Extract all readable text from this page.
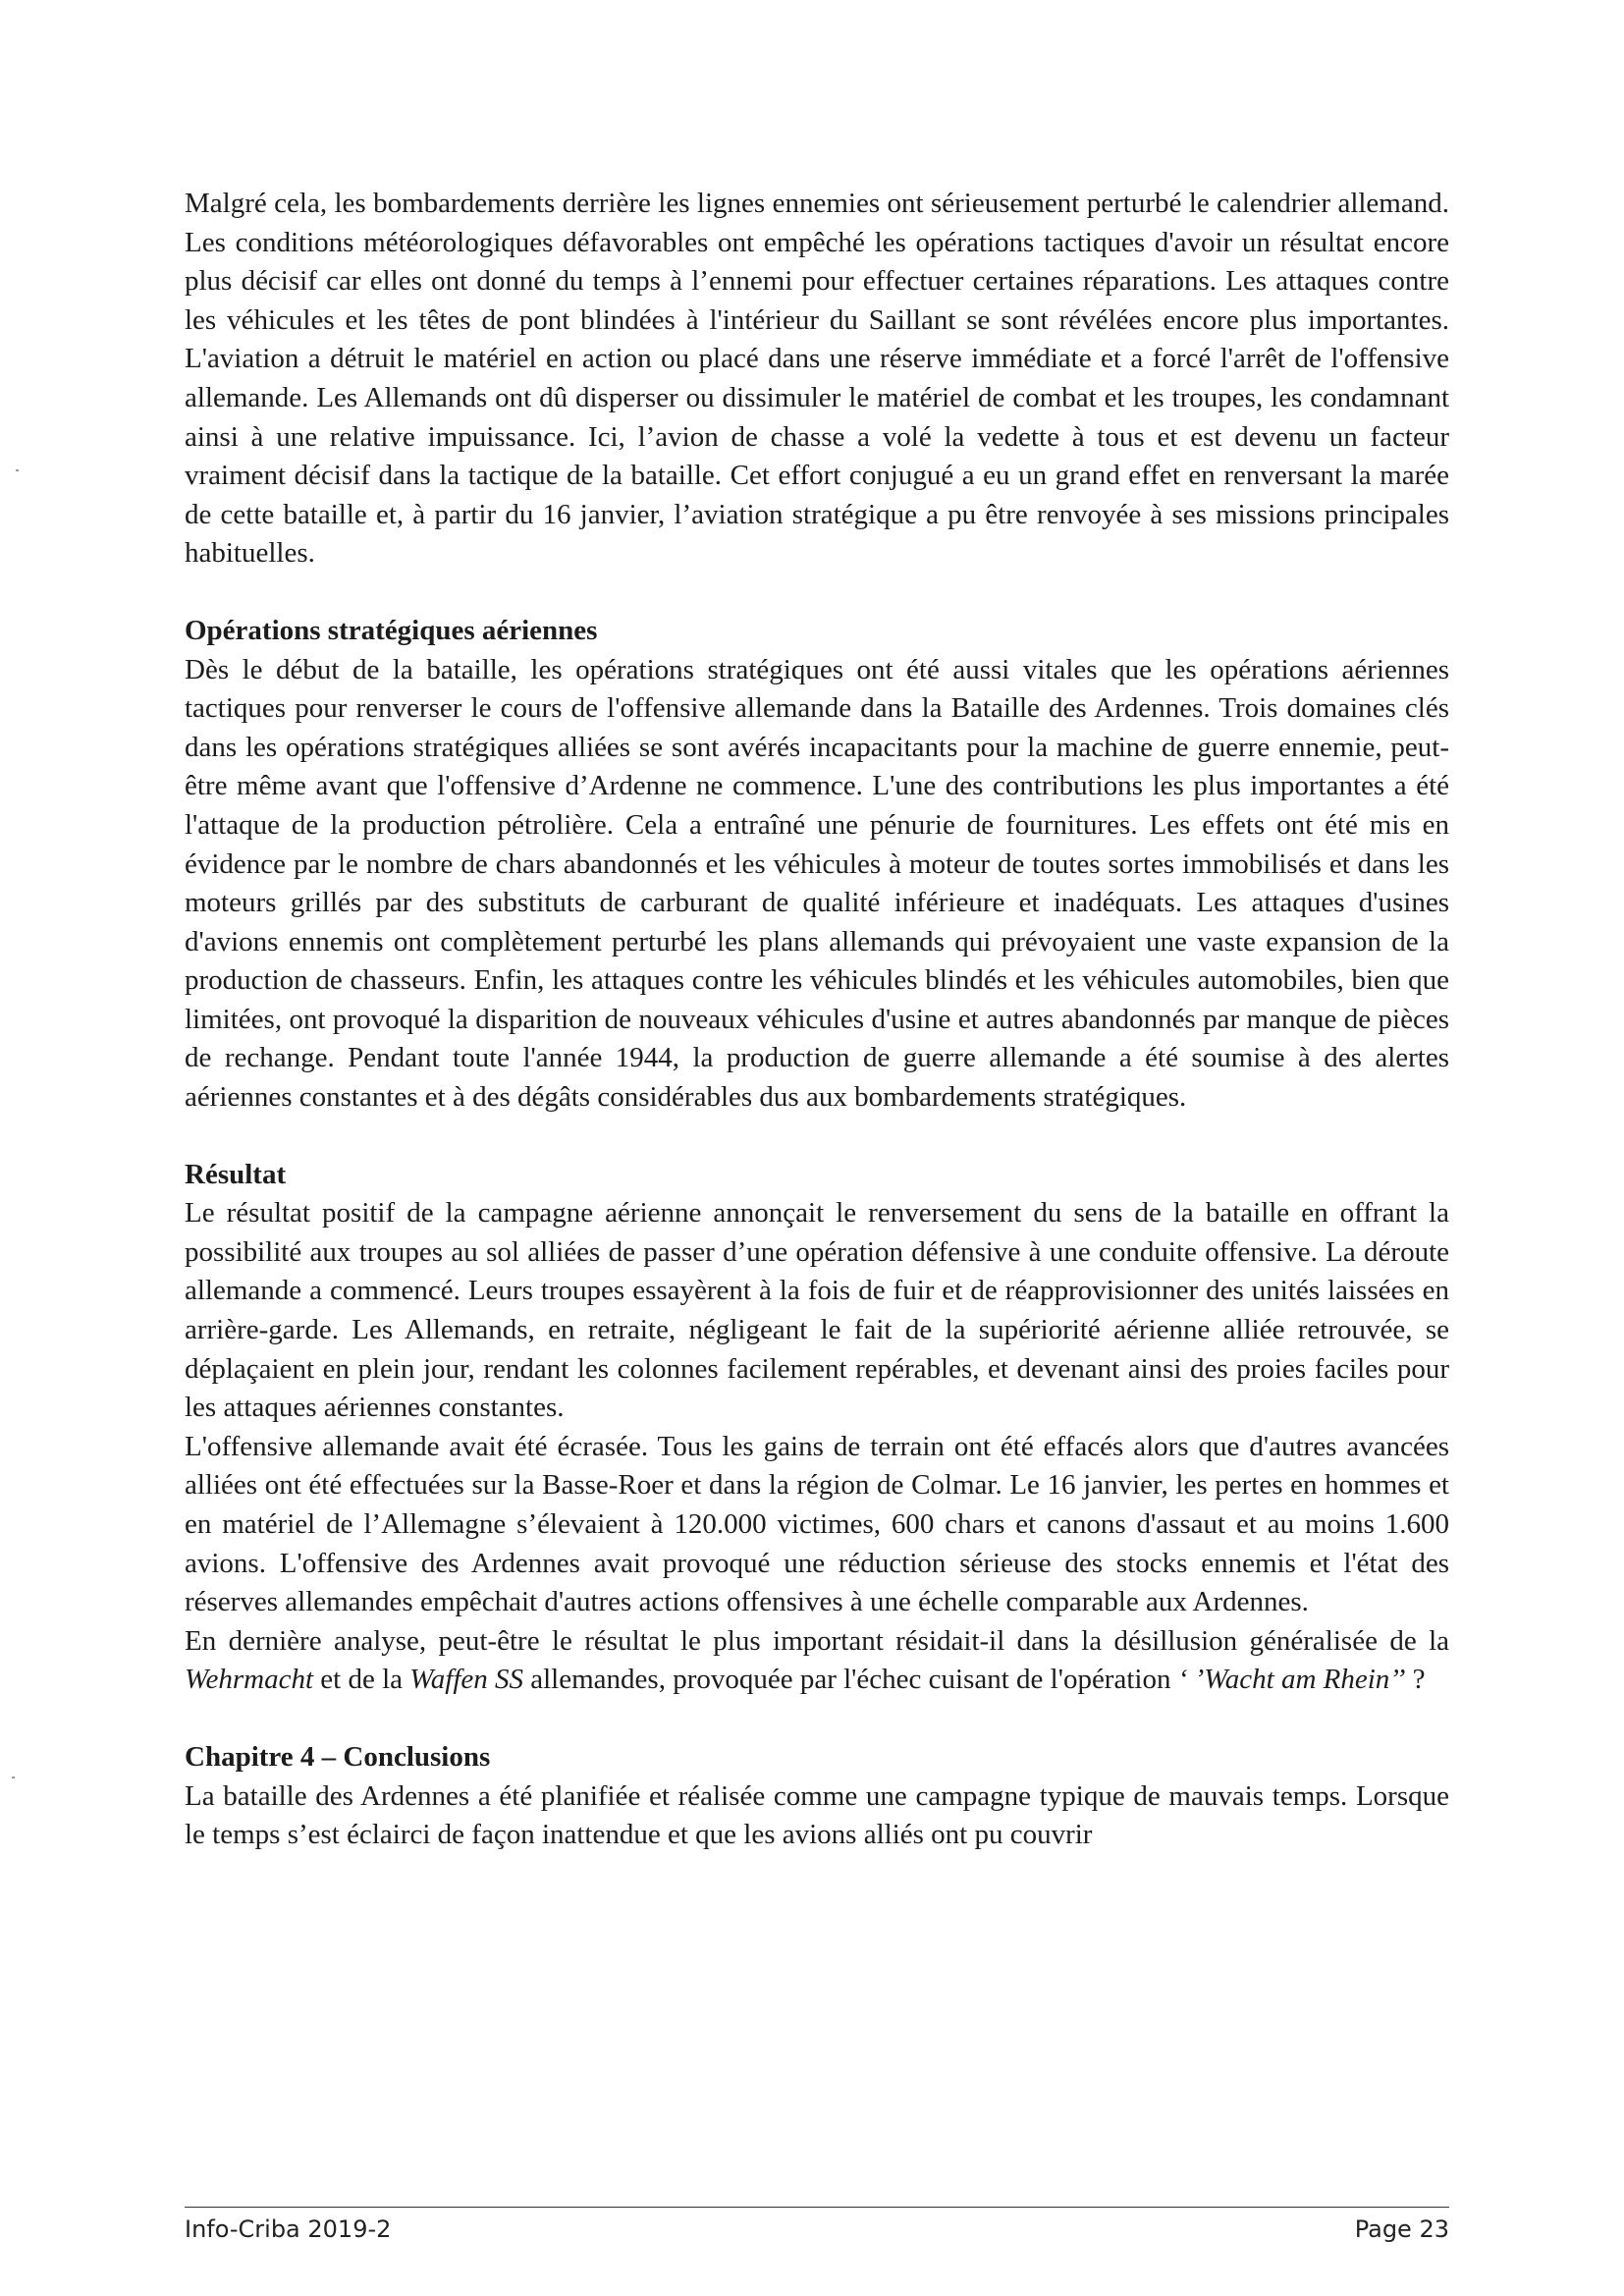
Malgré cela, les bombardements derrière les lignes ennemies ont sérieusement perturbé le calendrier allemand. Les conditions météorologiques défavorables ont empêché les opérations tactiques d'avoir un résultat encore plus décisif car elles ont donné du temps à l’ennemi pour effectuer certaines réparations. Les attaques contre les véhicules et les têtes de pont blindées à l'intérieur du Saillant se sont révélées encore plus importantes. L'aviation a détruit le matériel en action ou placé dans une réserve immédiate et a forcé l'arrêt de l'offensive allemande. Les Allemands ont dû disperser ou dissimuler le matériel de combat et les troupes, les condamnant ainsi à une relative impuissance. Ici, l’avion de chasse a volé la vedette à tous et est devenu un facteur vraiment décisif dans la tactique de la bataille. Cet effort conjugué a eu un grand effet en renversant la marée de cette bataille et, à partir du 16 janvier, l’aviation stratégique a pu être renvoyée à ses missions principales habituelles.

Opérations stratégiques aériennes

Dès le début de la bataille, les opérations stratégiques ont été aussi vitales que les opérations aériennes tactiques pour renverser le cours de l'offensive allemande dans la Bataille des Ardennes. Trois domaines clés dans les opérations stratégiques alliées se sont avérés incapacitants pour la machine de guerre ennemie, peut-être même avant que l'offensive d’Ardenne ne commence. L'une des contributions les plus importantes a été l'attaque de la production pétrolière. Cela a entraîné une pénurie de fournitures. Les effets ont été mis en évidence par le nombre de chars abandonnés et les véhicules à moteur de toutes sortes immobilisés et dans les moteurs grillés par des substituts de carburant de qualité inférieure et inadéquats. Les attaques d'usines d'avions ennemis ont complètement perturbé les plans allemands qui prévoyaient une vaste expansion de la production de chasseurs. Enfin, les attaques contre les véhicules blindés et les véhicules automobiles, bien que limitées, ont provoqué la disparition de nouveaux véhicules d'usine et autres abandonnés par manque de pièces de rechange. Pendant toute l'année 1944, la production de guerre allemande a été soumise à des alertes aériennes constantes et à des dégâts considérables dus aux bombardements stratégiques.

Résultat

Le résultat positif de la campagne aérienne annonçait le renversement du sens de la bataille en offrant la possibilité aux troupes au sol alliées de passer d’une opération défensive à une conduite offensive. La déroute allemande a commencé. Leurs troupes essayèrent à la fois de fuir et de réapprovisionner des unités laissées en arrière-garde. Les Allemands, en retraite, négligeant le fait de la supériorité aérienne alliée retrouvée, se déplaçaient en plein jour, rendant les colonnes facilement repérables, et devenant ainsi des proies faciles pour les attaques aériennes constantes.

L'offensive allemande avait été écrasée. Tous les gains de terrain ont été effacés alors que d'autres avancées alliées ont été effectuées sur la Basse-Roer et dans la région de Colmar. Le 16 janvier, les pertes en hommes et en matériel de l’Allemagne s’élevaient à 120.000 victimes, 600 chars et canons d'assaut et au moins 1.600 avions. L'offensive des Ardennes avait provoqué une réduction sérieuse des stocks ennemis et l'état des réserves allemandes empêchait d'autres actions offensives à une échelle comparable aux Ardennes.

En dernière analyse, peut-être le résultat le plus important résidait-il dans la désillusion généralisée de la Wehrmacht et de la Waffen SS allemandes, provoquée par l'échec cuisant de l'opération ‘ ’Wacht am Rhein’’ ?

Chapitre 4 – Conclusions

La bataille des Ardennes a été planifiée et réalisée comme une campagne typique de mauvais temps. Lorsque le temps s’est éclairci de façon inattendue et que les avions alliés ont pu couvrir

Info-Criba 2019-2	Page 23
